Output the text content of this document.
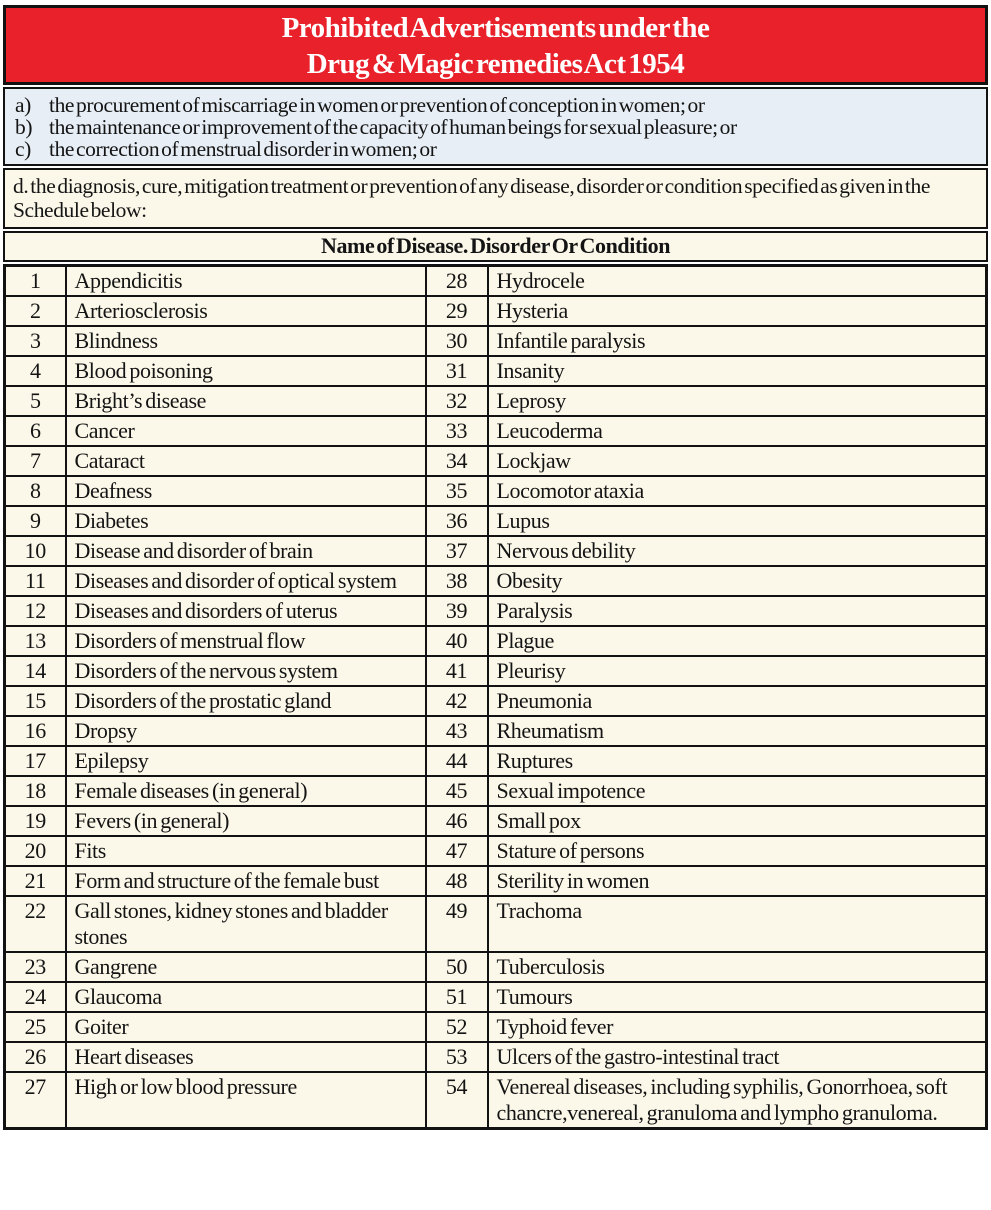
Prohibited Advertisements under the
Drug & Magic remedies Act 1954
a) the procurement of miscarriage in women or prevention of conception in women; or
b) the maintenance or improvement of the capacity of human beings for sexual pleasure; or
c) the correction of menstrual disorder in women; or

d. the diagnosis, cure, mitigation treatment or prevention of any disease, disorder or condition specified as given in the Schedule below:

Name of Disease. Disorder Or Condition
1	Appendicitis	28	Hydrocele
2	Arteriosclerosis	29	Hysteria
3	Blindness	30	Infantile paralysis
4	Blood poisoning	31	Insanity
5	Bright’s disease	32	Leprosy
6	Cancer	33	Leucoderma
7	Cataract	34	Lockjaw
8	Deafness	35	Locomotor ataxia
9	Diabetes	36	Lupus
10	Disease and disorder of brain	37	Nervous debility
11	Diseases and disorder of optical system	38	Obesity
12	Diseases and disorders of uterus	39	Paralysis
13	Disorders of menstrual flow	40	Plague
14	Disorders of the nervous system	41	Pleurisy
15	Disorders of the prostatic gland	42	Pneumonia
16	Dropsy	43	Rheumatism
17	Epilepsy	44	Ruptures
18	Female diseases (in general)	45	Sexual impotence
19	Fevers (in general)	46	Small pox
20	Fits	47	Stature of persons
21	Form and structure of the female bust	48	Sterility in women
22	Gall stones, kidney stones and bladder stones	49	Trachoma
23	Gangrene	50	Tuberculosis
24	Glaucoma	51	Tumours
25	Goiter	52	Typhoid fever
26	Heart diseases	53	Ulcers of the gastro-intestinal tract
27	High or low blood pressure	54	Venereal diseases, including syphilis, Gonorrhoea, soft chancre,venereal, granuloma and lympho granuloma.
